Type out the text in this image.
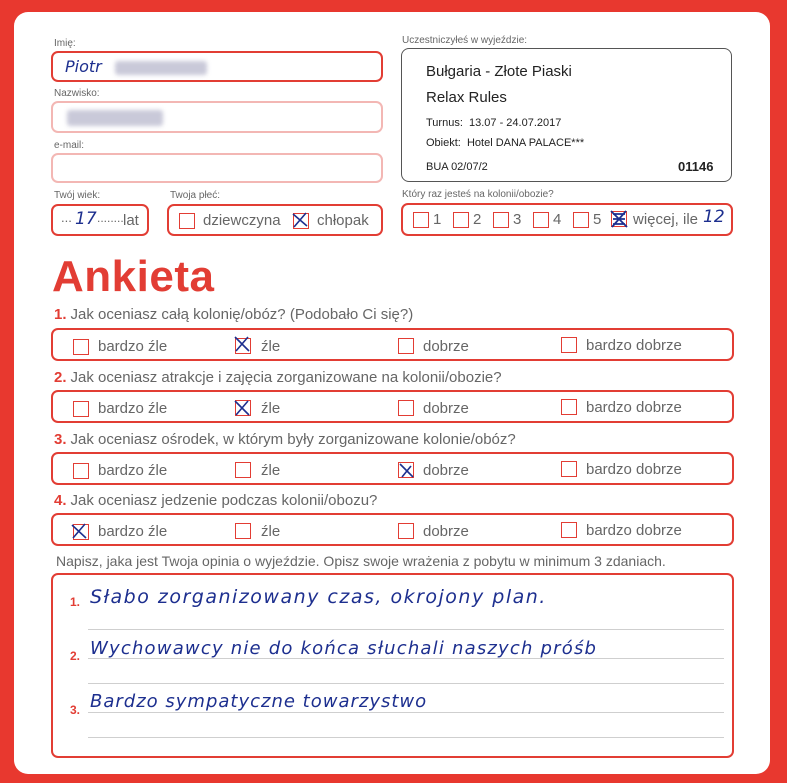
Imię:
Piotr
Nazwisko:
e-mail:
Twój wiek:
... 17 ........ lat
Twoja płeć:
dziewczyna chłopak
Uczestniczyłeś w wyjeździe:
Bułgaria - Złote Piaski
Relax Rules
Turnus:  13.07 - 24.07.2017
Obiekt:  Hotel DANA PALACE***
BUA 02/07/2	01146
Który raz jesteś na kolonii/obozie?
1 2 3 4 5 więcej, ile 12
Ankieta
1. Jak oceniasz całą kolonię/obóz? (Podobało Ci się?)
bardzo źle	źle	dobrze	bardzo dobrze
2. Jak oceniasz atrakcje i zajęcia zorganizowane na kolonii/obozie?
bardzo źle	źle	dobrze	bardzo dobrze
3. Jak oceniasz ośrodek, w którym były zorganizowane kolonie/obóz?
bardzo źle	źle	dobrze	bardzo dobrze
4. Jak oceniasz jedzenie podczas kolonii/obozu?
bardzo źle	źle	dobrze	bardzo dobrze
Napisz, jaka jest Twoja opinia o wyjeździe. Opisz swoje wrażenia z pobytu w minimum 3 zdaniach.
1. Słabo zorganizowany czas, okrojony plan.
2. Wychowawcy nie do końca słuchali naszych próśb
3. Bardzo sympatyczne towarzystwo
